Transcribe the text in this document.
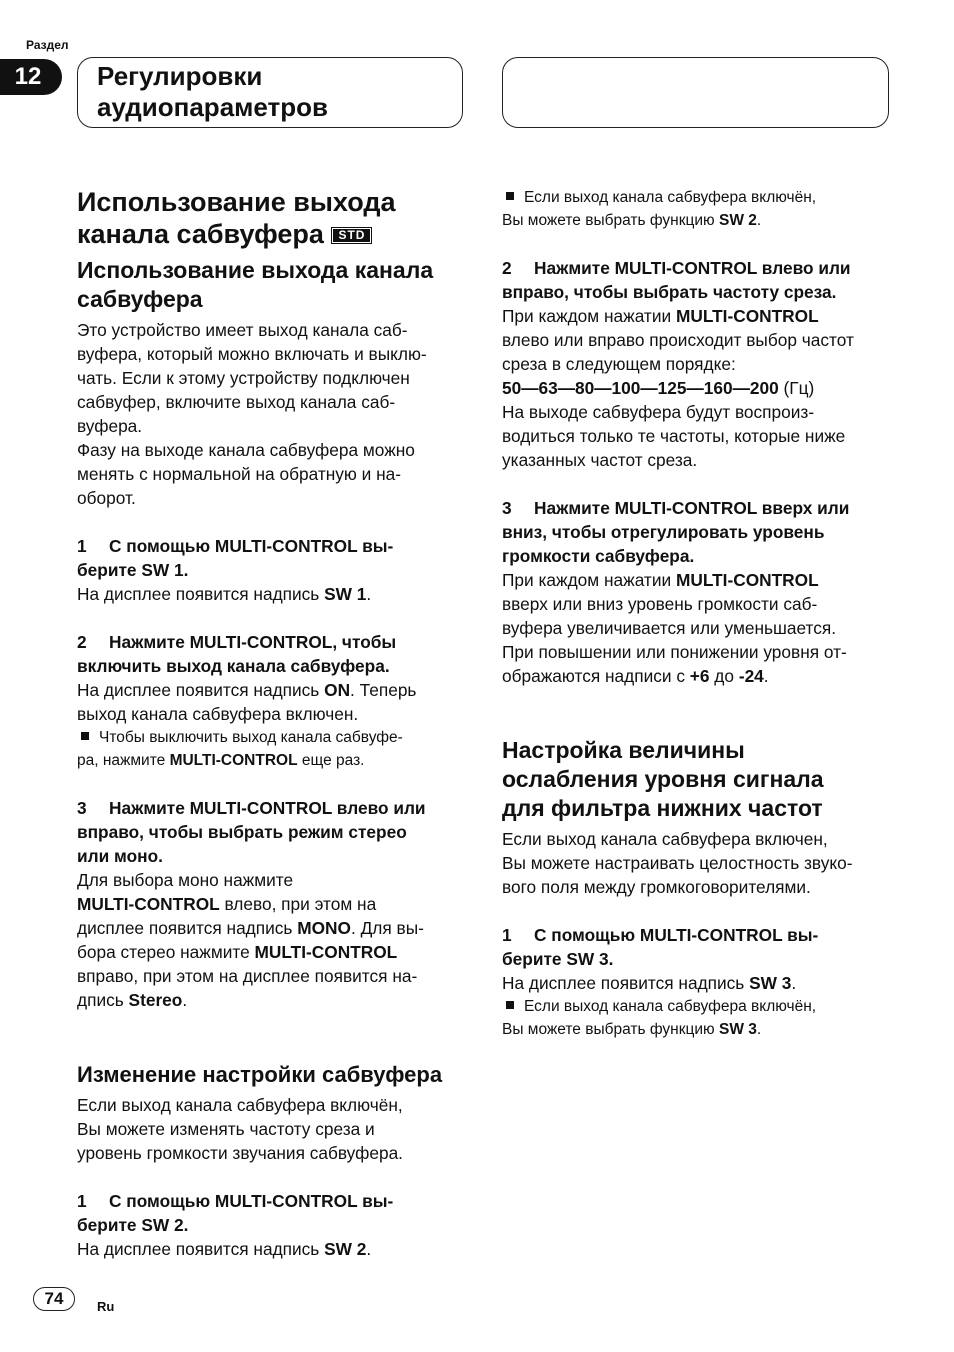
Раздел
12	Регулировки
аудиопараметров
Использование выхода
канала сабвуфера STD
Использование выхода канала
сабвуфера

Это устройство имеет выход канала саб-

вуфера, который можно включать и выклю-

чать. Если к этому устройству подключен

сабвуфер, включите выход канала саб-

вуфера.

Фазу на выходе канала сабвуфера можно

менять с нормальной на обратную и на-

оборот.

1 С помощью MULTI-CONTROL вы-

берите SW 1.

На дисплее появится надпись SW 1.

2 Нажмите MULTI-CONTROL, чтобы

включить выход канала сабвуфера.

На дисплее появится надпись ON. Теперь

выход канала сабвуфера включен.

Чтобы выключить выход канала сабвуфе-

ра, нажмите MULTI-CONTROL еще раз.

3 Нажмите MULTI-CONTROL влево или

вправо, чтобы выбрать режим стерео

или моно.

Для выбора моно нажмите

MULTI-CONTROL влево, при этом на

дисплее появится надпись MONO. Для вы-

бора стерео нажмите MULTI-CONTROL

вправо, при этом на дисплее появится на-

дпись Stereo.

Изменение настройки сабвуфера

Если выход канала сабвуфера включён,

Вы можете изменять частоту среза и

уровень громкости звучания сабвуфера.

1 С помощью MULTI-CONTROL вы-

берите SW 2.

На дисплее появится надпись SW 2.

Если выход канала сабвуфера включён,

Вы можете выбрать функцию SW 2.

2 Нажмите MULTI-CONTROL влево или

вправо, чтобы выбрать частоту среза.

При каждом нажатии MULTI-CONTROL

влево или вправо происходит выбор частот

среза в следующем порядке:

50—63—80—100—125—160—200 (Гц)

На выходе сабвуфера будут воспроиз-

водиться только те частоты, которые ниже

указанных частот среза.

3 Нажмите MULTI-CONTROL вверх или

вниз, чтобы отрегулировать уровень

громкости сабвуфера.

При каждом нажатии MULTI-CONTROL

вверх или вниз уровень громкости саб-

вуфера увеличивается или уменьшается.

При повышении или понижении уровня от-

ображаются надписи с +6 до -24.

Настройка величины
ослабления уровня сигнала
для фильтра нижних частот

Если выход канала сабвуфера включен,

Вы можете настраивать целостность звуко-

вого поля между громкоговорителями.

1 С помощью MULTI-CONTROL вы-

берите SW 3.

На дисплее появится надпись SW 3.

Если выход канала сабвуфера включён,

Вы можете выбрать функцию SW 3.

74	Ru
